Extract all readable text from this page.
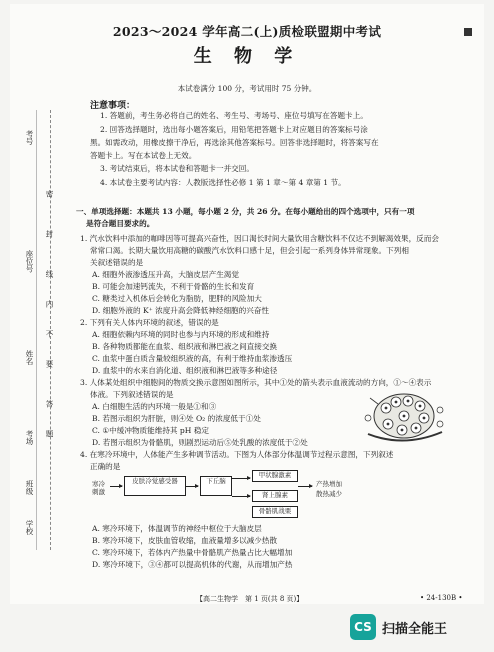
2023～2024 学年高二(上)质检联盟期中考试
生 物 学
本试卷满分 100 分，考试用时 75 分钟。
注意事项：
1. 答题前，考生务必将自己的姓名、考生号、考场号、座位号填写在答题卡上。
2. 回答选择题时，选出每小题答案后，用铅笔把答题卡上对应题目的答案标号涂
黑。如需改动，用橡皮擦干净后，再选涂其他答案标号。回答非选择题时，将答案写在
答题卡上。写在本试卷上无效。
3. 考试结束后，将本试卷和答题卡一并交回。
4. 本试卷主要考试内容：人教版选择性必修 1 第 1 章～第 4 章第 1 节。
一、单项选择题：本题共 13 小题，每小题 2 分，共 26 分。在每小题给出的四个选项中，只有一项
是符合题目要求的。
1. 汽水饮料中添加的咖啡因等可提高兴奋性，因口渴长时间大量饮用含糖饮料不仅达不到解渴效果，反而会
常常口渴。长期大量饮用高糖的碳酸汽水饮料口感十足，但会引起一系列身体异常现象。下列相
关叙述错误的是
A. 细胞外液渗透压升高，大脑皮层产生渴觉
B. 可能会加速钙流失，不利于骨骼的生长和发育
C. 糖类过入机体后会转化为脂肪，肥胖的风险加大
D. 细胞外液的 K⁺ 浓度升高会降低神经细胞的兴奋性
2. 下列有关人体内环境的叙述，错误的是
A. 细胞依赖内环境的同时也参与内环境的形成和维持
B. 各种物质都能在血浆、组织液和淋巴液之间直接交换
C. 血浆中蛋白质含量较组织液的高，有利于维持血浆渗透压
D. 血浆中的水来自消化道、组织液和淋巴液等多种途径
3. 人体某处组织中细胞间的物质交换示意图如图所示，其中①处的箭头表示血液流动的方向，①～④表示
体液。下列叙述错误的是
A. 白细胞生活的内环境一般是①和③
B. 若图示组织为肝脏，则④处 O₂ 的浓度低于①处
C. ①中缓冲物质能维持其 pH 稳定
D. 若图示组织为骨骼肌，则剧烈运动后⑤处乳酸的浓度低于②处
4. 在寒冷环境中，人体能产生多种调节活动。下图为人体部分体温调节过程示意图，下列叙述
正确的是
寒冷
刺激
皮肤冷觉感受器	下丘脑
甲状腺激素
肾上腺素
骨骼肌战栗
产热增加
散热减少
A. 寒冷环境下，体温调节的神经中枢位于大脑皮层
B. 寒冷环境下，皮肤血管收缩，血液量增多以减少热散
C. 寒冷环境下，若体内产热量中骨骼肌产热量占比大幅增加
D. 寒冷环境下，③④都可以提高机体的代谢，从而增加产热
考号
座位号
姓名
考场
班级
学校
密
封
线
内
不
要
答
题
【高二生物学　第 1 页(共 8 页)】	• 24-130B •
CS 扫描全能王
